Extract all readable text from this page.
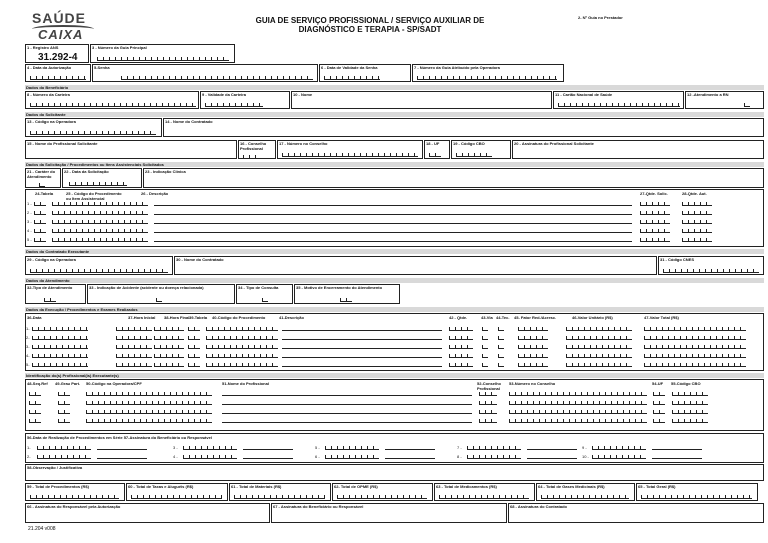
SAÚDE
CAIXA
GUIA DE SERVIÇO PROFISSIONAL / SERVIÇO AUXILIAR DE
DIAGNÓSTICO E TERAPIA - SP/SADT
2- Nº Guia no Prestador
1 - Registro ANS
31.292-4
3 - Número da Guia Principal
4 - Data da Autorização	5-Senha	6 - Data de Validade da Senha	7 - Número da Guia Atribuído pela Operadora
Dados do Beneficiário
8 - Número da Carteira	9 - Validade da Carteira	10 - Nome	11 - Cartão Nacional de Saúde	12 -Atendimento a RN
Dados do Solicitante
13 - Código na Operadora	14 - Nome do Contratado
15 - Nome do Profissional Solicitante	16 - Conselho Profissional
17 - Número no Conselho	18 - UF	19 - Código CBO	20 - Assinatura do Profissional Solicitante
Dados da Solicitação / Procedimentos ou Itens Assistenciais Solicitados
21 - Caráter do Atendimento
22 - Data da Solicitação	23 - Indicação Clínica
24-Tabela	25 - Código do Procedimento ou Item Assistencial
26 - Descrição	27-Qtde. Solic.	28-Qtde. Aut.
1 -
2 -
3 -
4 -
5 -
Dados do Contratado Executante
29 - Código na Operadora	30 - Nome do Contratado	31 - Código CNES
Dados do Atendimento
32-Tipo de Atendimento	33 - Indicação de Acidente (acidente ou doença relacionada)	34 - Tipo de Consulta	35 - Motivo de Encerramento do Atendimento
Dados da Execução / Procedimentos e Exames Realizados
36-Data	37-Hora Inicial 38-Hora Final 39-Tabela 40-Código do Procedimento	41-Descrição	42 - Qtde.	43-Via 44-Tec. 45- Fator Red./Acresc.	46-Valor Unitário (R$)	47-Valor Total (R$)
1-
2-
3-
4-
5-
Identificação do(s) Profissional(is) Executante(s)
48-Seq.Ref 49-Grau Part. 50-Código na Operadora/CPF	51-Nome do Profissional	52-Conselho Profissional
53-Número no Conselho	54-UF 55-Código CBO
56-Data de Realização de Procedimentos em Série 57-Assinatura do Beneficiário ou Responsável
1-
2-
3 -
4 -
5 -
6 -
7 -
8 -
9 -
10 -
58-Observação / Justificativa
59 - Total de Procedimentos (R$)	60 - Total de Taxas e Aluguéis (R$)	61 - Total de Materiais (R$)	62- Total de OPME (R$)	63 - Total de Medicamentos (R$)	64 - Total de Gases Medicinais (R$)	65 - Total Geral (R$)
66 - Assinatura do Responsável pela Autorização	67 - Assinatura do Beneficiário ou Responsável	68 - Assinatura do Contratado
21.204 v008
